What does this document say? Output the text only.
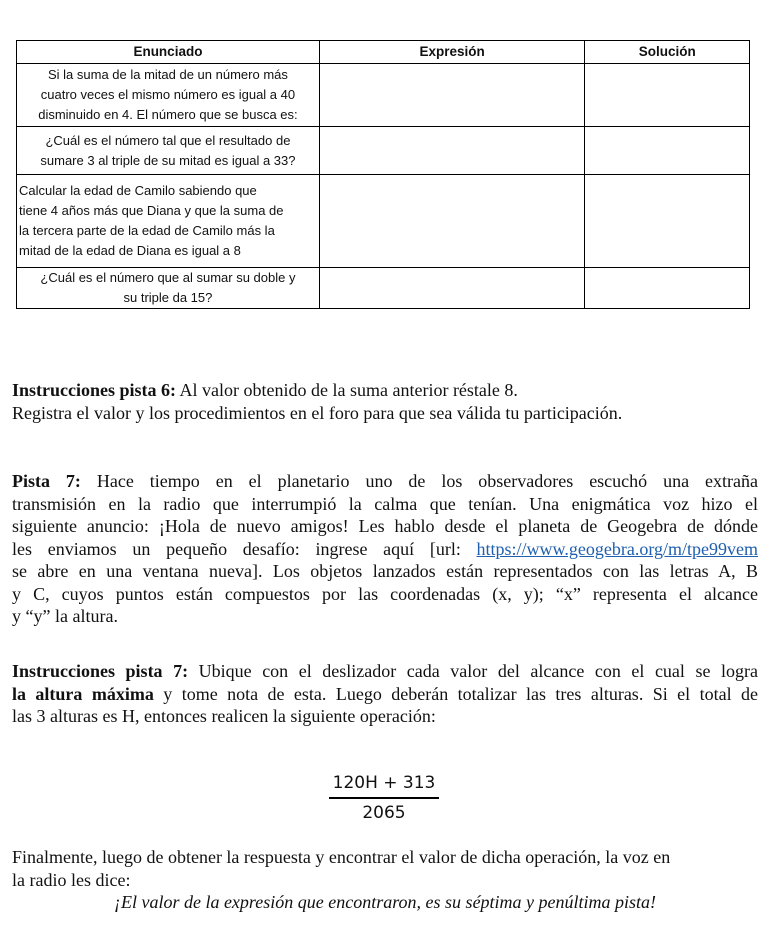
Enunciado	Expresión	Solución

Si la suma de la mitad de un número más
cuatro veces el mismo número es igual a 40
disminuido en 4. El número que se busca es:		

¿Cuál es el número tal que el resultado de
sumare 3 al triple de su mitad es igual a 33?		

Calcular la edad de Camilo sabiendo que
tiene 4 años más que Diana y que la suma de
la tercera parte de la edad de Camilo más la
mitad de la edad de Diana es igual a 8		

¿Cuál es el número que al sumar su doble y
su triple da 15?		

Instrucciones pista 6: Al valor obtenido de la suma anterior réstale 8.
Registra el valor y los procedimientos en el foro para que sea válida tu participación.

Pista 7: Hace tiempo en el planetario uno de los observadores escuchó una extraña
transmisión en la radio que interrumpió la calma que tenían. Una enigmática voz hizo el
siguiente anuncio: ¡Hola de nuevo amigos! Les hablo desde el planeta de Geogebra de dónde
les enviamos un pequeño desafío: ingrese aquí [url: https://www.geogebra.org/m/tpe99vem
se abre en una ventana nueva]. Los objetos lanzados están representados con las letras A, B
y C, cuyos puntos están compuestos por las coordenadas (x, y); “x” representa el alcance
y “y” la altura.
Instrucciones pista 7: Ubique con el deslizador cada valor del alcance con el cual se logra
la altura máxima y tome nota de esta. Luego deberán totalizar las tres alturas. Si el total de
las 3 alturas es H, entonces realicen la siguiente operación:
120H + 313
2065

Finalmente, luego de obtener la respuesta y encontrar el valor de dicha operación, la voz en
la radio les dice:

¡El valor de la expresión que encontraron, es su séptima y penúltima pista!
